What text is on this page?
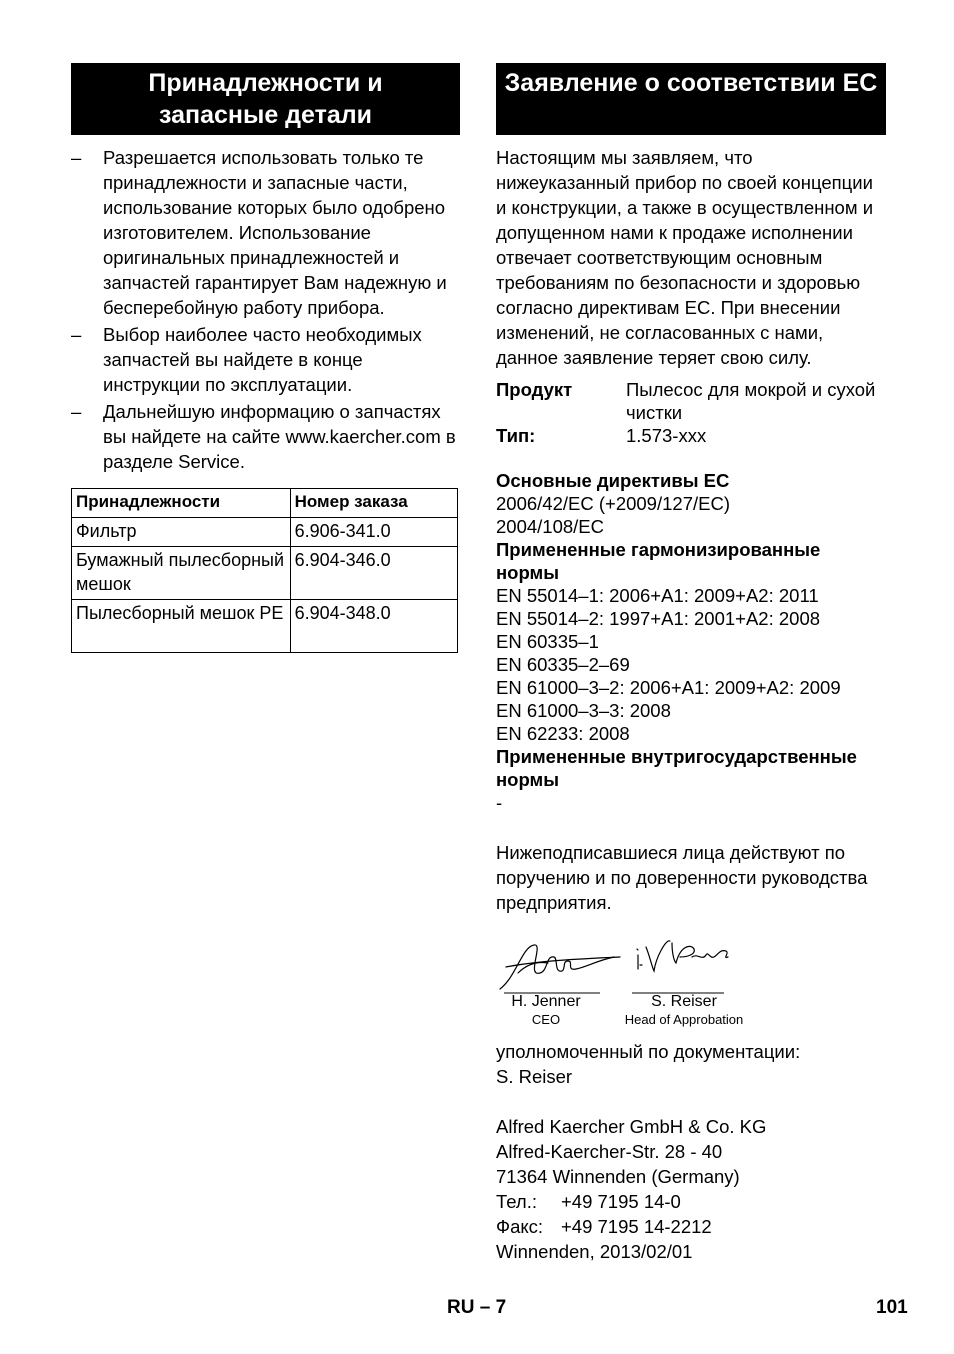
Принадлежности и запасные детали
– Разрешается использовать только те принадлежности и запасные части, использование которых было одобрено изготовителем. Использование оригинальных принадлежностей и запчастей гарантирует Вам надежную и бесперебойную работу прибора.
– Выбор наиболее часто необходимых запчастей вы найдете в конце инструкции по эксплуатации.
– Дальнейшую информацию о запчастях вы найдете на сайте www.kaercher.com в разделе Service.
Принадлежности	Номер заказа
Фильтр	6.906-341.0
Бумажный пылесборный мешок	6.904-346.0
Пылесборный мешок PE	6.904-348.0
Заявление о соответствии ЕС
Настоящим мы заявляем, что нижеуказанный прибор по своей концепции и конструкции, а также в осуществленном и допущенном нами к продаже исполнении отвечает соответствующим основным требованиям по безопасности и здоровью согласно директивам ЕС. При внесении изменений, не согласованных с нами, данное заявление теряет свою силу.
Продукт	Пылесос для мокрой и сухой чистки
Тип:	1.573-xxx
Основные директивы ЕС
2006/42/EC (+2009/127/EC)
2004/108/EC
Примененные гармонизированные нормы
EN 55014–1: 2006+A1: 2009+A2: 2011
EN 55014–2: 1997+A1: 2001+A2: 2008
EN 60335–1
EN 60335–2–69
EN 61000–3–2: 2006+A1: 2009+A2: 2009
EN 61000–3–3: 2008
EN 62233: 2008
Примененные внутригосударственные нормы
-
Нижеподписавшиеся лица действуют по поручению и по доверенности руководства предприятия.
H. Jenner
CEO
S. Reiser
Head of Approbation
уполномоченный по документации:
S. Reiser
Alfred Kaercher GmbH & Co. KG
Alfred-Kaercher-Str. 28 - 40
71364 Winnenden (Germany)
Тел.: +49 7195 14-0
Факс: +49 7195 14-2212
Winnenden, 2013/02/01
RU – 7	101
